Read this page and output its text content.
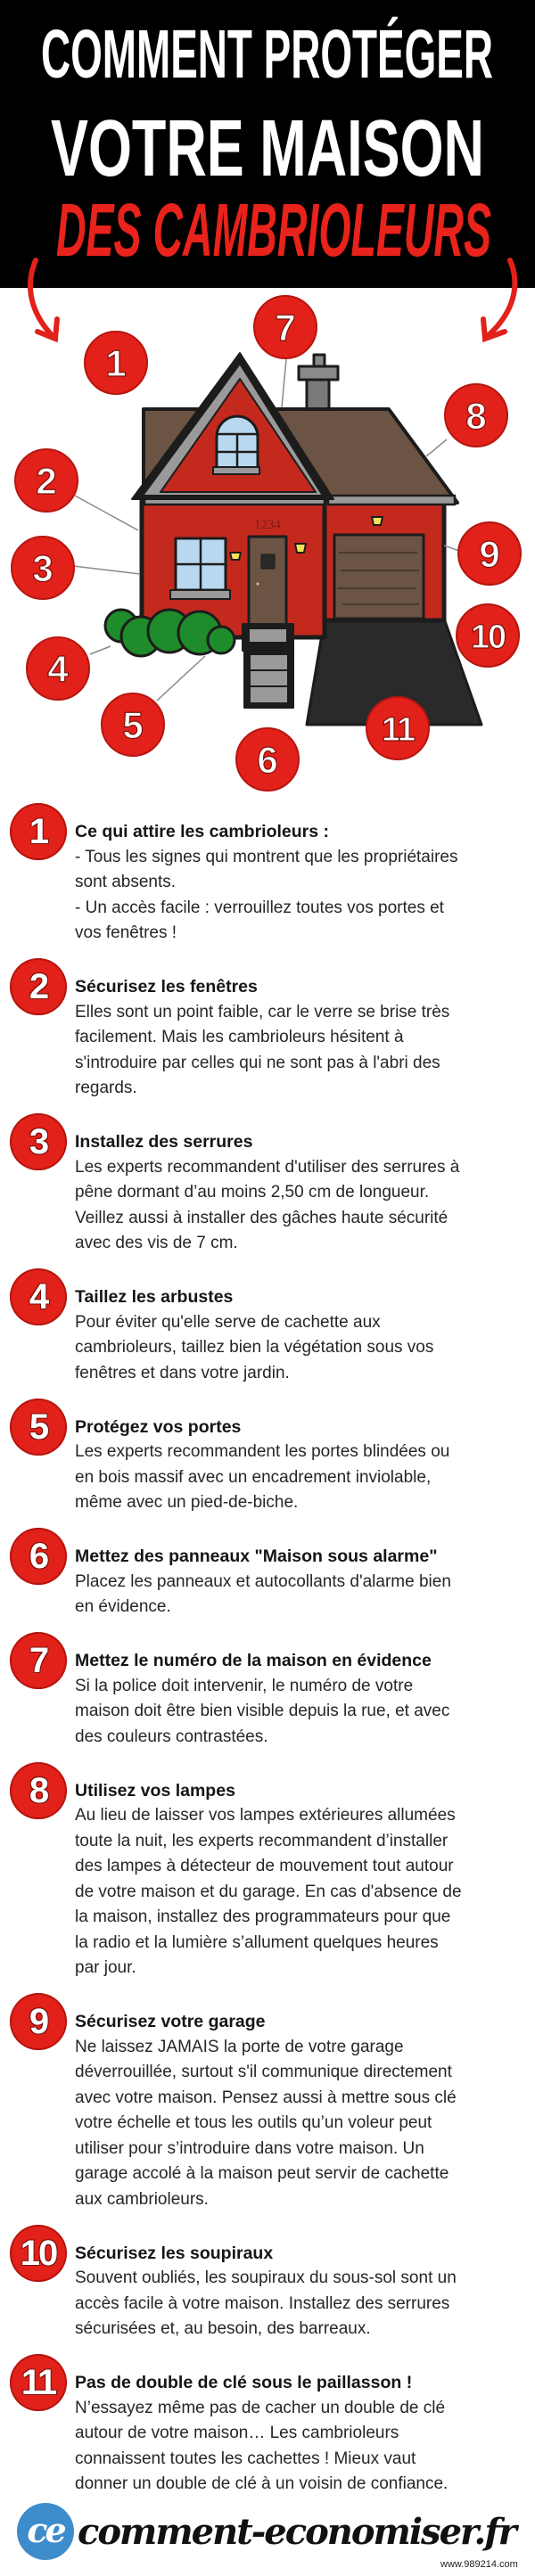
COMMENT PROTÉGER
VOTRE MAISON
DES CAMBRIOLEURS
1234
1
2
3
4
5
6
7
8
9
10
11
1	Ce qui attire les cambrioleurs :
- Tous les signes qui montrent que les propriétaires
sont absents.
- Un accès facile : verrouillez toutes vos portes et
vos fenêtres !
2	Sécurisez les fenêtres
Elles sont un point faible, car le verre se brise très
facilement. Mais les cambrioleurs hésitent à
s'introduire par celles qui ne sont pas à l'abri des
regards.
3	Installez des serrures
Les experts recommandent d'utiliser des serrures à
pêne dormant d’au moins 2,50 cm de longueur.
Veillez aussi à installer des gâches haute sécurité
avec des vis de 7 cm.
4	Taillez les arbustes
Pour éviter qu'elle serve de cachette aux
cambrioleurs, taillez bien la végétation sous vos
fenêtres et dans votre jardin.
5	Protégez vos portes
Les experts recommandent les portes blindées ou
en bois massif avec un encadrement inviolable,
même avec un pied-de-biche.
6	Mettez des panneaux "Maison sous alarme"
Placez les panneaux et autocollants d'alarme bien
en évidence.
7	Mettez le numéro de la maison en évidence
Si la police doit intervenir, le numéro de votre
maison doit être bien visible depuis la rue, et avec
des couleurs contrastées.
8	Utilisez vos lampes
Au lieu de laisser vos lampes extérieures allumées
toute la nuit, les experts recommandent d’installer
des lampes à détecteur de mouvement tout autour
de votre maison et du garage. En cas d'absence de
la maison, installez des programmateurs pour que
la radio et la lumière s’allument quelques heures
par jour.
9	Sécurisez votre garage
Ne laissez JAMAIS la porte de votre garage
déverrouillée, surtout s'il communique directement
avec votre maison. Pensez aussi à mettre sous clé
votre échelle et tous les outils qu’un voleur peut
utiliser pour s’introduire dans votre maison. Un
garage accolé à la maison peut servir de cachette
aux cambrioleurs.
10	Sécurisez les soupiraux
Souvent oubliés, les soupiraux du sous-sol sont un
accès facile à votre maison. Installez des serrures
sécurisées et, au besoin, des barreaux.
11	Pas de double de clé sous le paillasson !
N’essayez même pas de cacher un double de clé
autour de votre maison… Les cambrioleurs
connaissent toutes les cachettes ! Mieux vaut
donner un double de clé à un voisin de confiance.
ce comment-economiser.fr
www.989214.com
